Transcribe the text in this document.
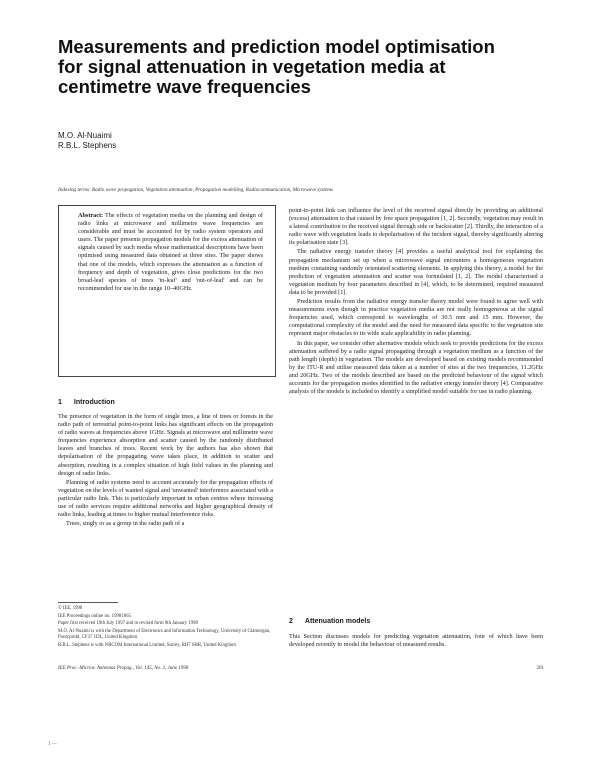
Measurements and prediction model optimisation for signal attenuation in vegetation media at centimetre wave frequencies
M.O. Al-Nuaimi
R.B.L. Stephens
Indexing terms: Radio wave propagation, Vegetation attenuation, Propagation modelling, Radiocommunication, Microwave systems

Abstract: The effects of vegetation media on the planning and design of radio links at microwave and millimetre wave frequencies are considerable and must be accounted for by radio system operators and users. The paper presents propagation models for the excess attenuation of signals caused by such media whose mathematical descriptions have been optimised using measured data obtained at three sites. The paper shows that one of the models, which expresses the attenuation as a function of frequency and depth of vegetation, gives close predictions for the two broad-leaf species of trees 'in-leaf' and 'out-of-leaf' and can be recommended for use in the range 10–40GHz.

1 Introduction

The presence of vegetation in the form of single trees, a line of trees or forests in the radio path of terrestrial point-to-point links has significant effects on the propagation of radio waves at frequencies above 1GHz. Signals at microwave and millimetre wave frequencies experience absorption and scatter caused by the randomly distributed leaves and branches of trees. Recent work by the authors has also shown that depolarisation of the propagating wave takes place, in addition to scatter and absorption, resulting in a complex situation of high field values in the planning and design of radio links.

Planning of radio systems need to account accurately for the propagation effects of vegetation on the levels of wanted signal and 'unwanted' interference associated with a particular radio link. This is particularly important in urban centres where increasing use of radio services require additional networks and higher geographical density of radio links, leading at times to higher mutual interference risks.

Trees, singly or as a group in the radio path of a

© IEE, 1998
IEE Proceedings online no. 19981865
Paper first received 19th July 1997 and in revised form 9th January 1998
M.O. Al-Nuaimi is with the Department of Electronics and Information Technology, University of Glamorgan, Pontypridd, CF37 1DL, United Kingdom
R.B.L. Stephens is with NRCOM International Limited, Surrey, RH7 6HR, United Kingdom

point-to-point link can influence the level of the received signal directly by providing an additional (excess) attenuation to that caused by free space propagation [1, 2]. Secondly, vegetation may result in a lateral contribution to the received signal through side or backscatter [2]. Thirdly, the interaction of a radio wave with vegetation leads to depolarisation of the incident signal, thereby significantly altering its polarisation state [3].

The radiative energy transfer theory [4] provides a useful analytical tool for explaining the propagation mechanism set up when a microwave signal encounters a homogeneous vegetation medium containing randomly orientated scattering elements. In applying this theory, a model for the prediction of vegetation attenuation and scatter was formulated [1, 2]. The model characterised a vegetation medium by four parameters described in [4], which, to be determined, required measured data to be provided [1].

Prediction results from the radiative energy transfer theory model were found to agree well with measurements even though in practice vegetation media are not really homogeneous at the signal frequencies used, which correspond to wavelengths of 30.5 mm and 15 mm. However, the computational complexity of the model and the need for measured data specific to the vegetation site represent major obstacles to its wide scale applicability in radio planning.

In this paper, we consider other alternative models which seek to provide predictions for the excess attenuation suffered by a radio signal propagating through a vegetation medium as a function of the path length (depth) in vegetation. The models are developed based on existing models recommended by the ITU-R and utilise measured data taken at a number of sites at the two frequencies, 11.2GHz and 20GHz. Two of the models described are based on the predicted behaviour of the signal which accounts for the propagation modes identified in the radiative energy transfer theory [4]. Comparative analysis of the models is included to identify a simplified model suitable for use in radio planning.

2 Attenuation models

This Section discusses models for predicting vegetation attenuation, four of which have been developed recently to model the behaviour of measured results.

IEE Proc.-Microw. Antennas Propag., Vol. 145, No. 3, June 1998	201
1 —
